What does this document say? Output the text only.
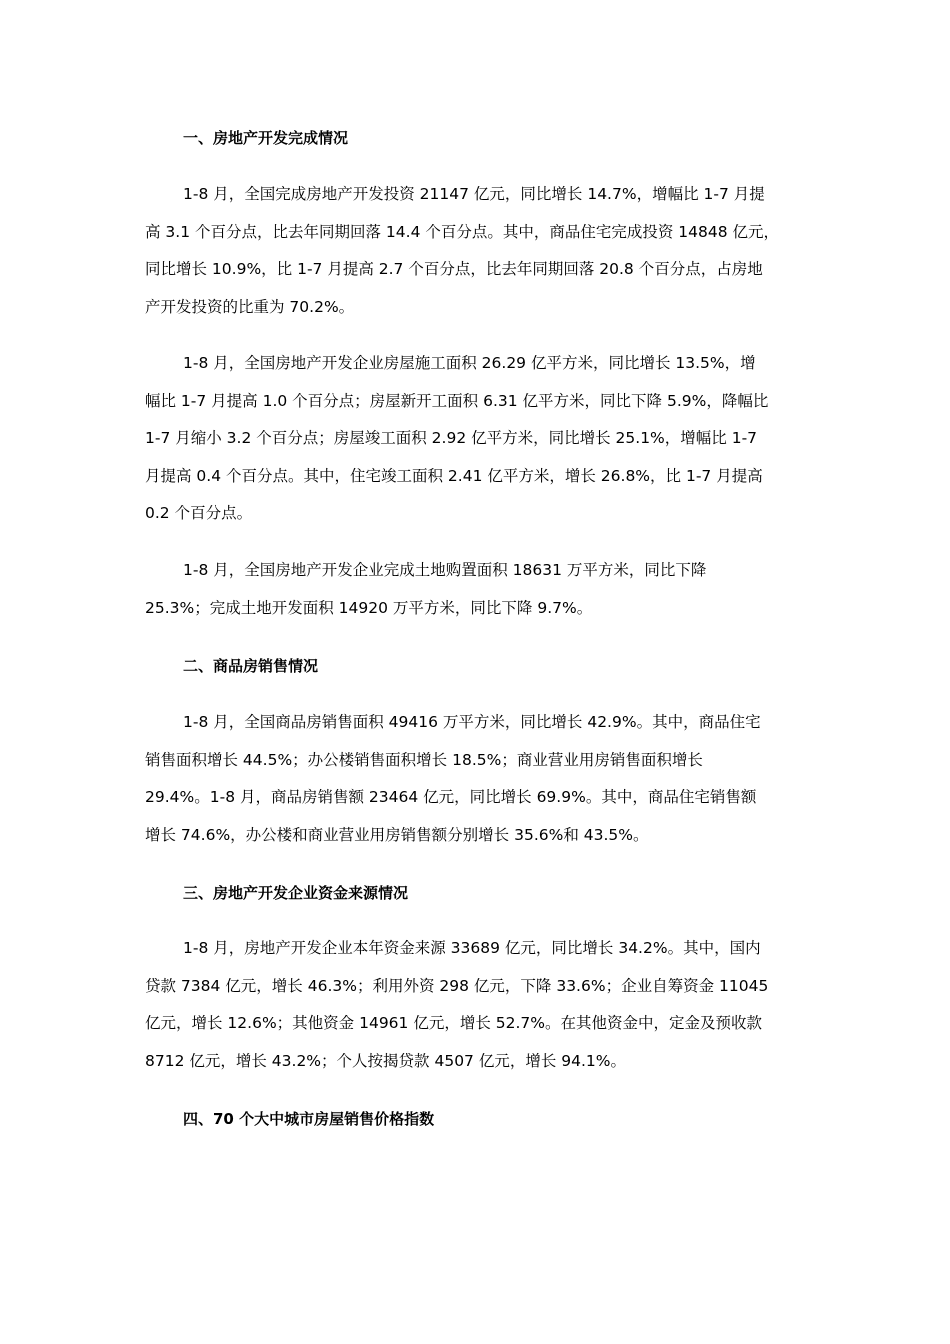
一、房地产开发完成情况
1-8 月，全国完成房地产开发投资 21147 亿元，同比增长 14.7%，增幅比 1-7 月提
高 3.1 个百分点，比去年同期回落 14.4 个百分点。其中，商品住宅完成投资 14848 亿元，
同比增长 10.9%，比 1-7 月提高 2.7 个百分点，比去年同期回落 20.8 个百分点，占房地
产开发投资的比重为 70.2%。
1-8 月，全国房地产开发企业房屋施工面积 26.29 亿平方米，同比增长 13.5%，增
幅比 1-7 月提高 1.0 个百分点；房屋新开工面积 6.31 亿平方米，同比下降 5.9%，降幅比
1-7 月缩小 3.2 个百分点；房屋竣工面积 2.92 亿平方米，同比增长 25.1%，增幅比 1-7
月提高 0.4 个百分点。其中，住宅竣工面积 2.41 亿平方米，增长 26.8%，比 1-7 月提高
0.2 个百分点。
1-8 月，全国房地产开发企业完成土地购置面积 18631 万平方米，同比下降
25.3%；完成土地开发面积 14920 万平方米，同比下降 9.7%。
二、商品房销售情况
1-8 月，全国商品房销售面积 49416 万平方米，同比增长 42.9%。其中，商品住宅
销售面积增长 44.5%；办公楼销售面积增长 18.5%；商业营业用房销售面积增长
29.4%。1-8 月，商品房销售额 23464 亿元，同比增长 69.9%。其中，商品住宅销售额
增长 74.6%，办公楼和商业营业用房销售额分别增长 35.6%和 43.5%。
三、房地产开发企业资金来源情况
1-8 月，房地产开发企业本年资金来源 33689 亿元，同比增长 34.2%。其中，国内
贷款 7384 亿元，增长 46.3%；利用外资 298 亿元，下降 33.6%；企业自筹资金 11045
亿元，增长 12.6%；其他资金 14961 亿元，增长 52.7%。在其他资金中，定金及预收款
8712 亿元，增长 43.2%；个人按揭贷款 4507 亿元，增长 94.1%。
四、70 个大中城市房屋销售价格指数
